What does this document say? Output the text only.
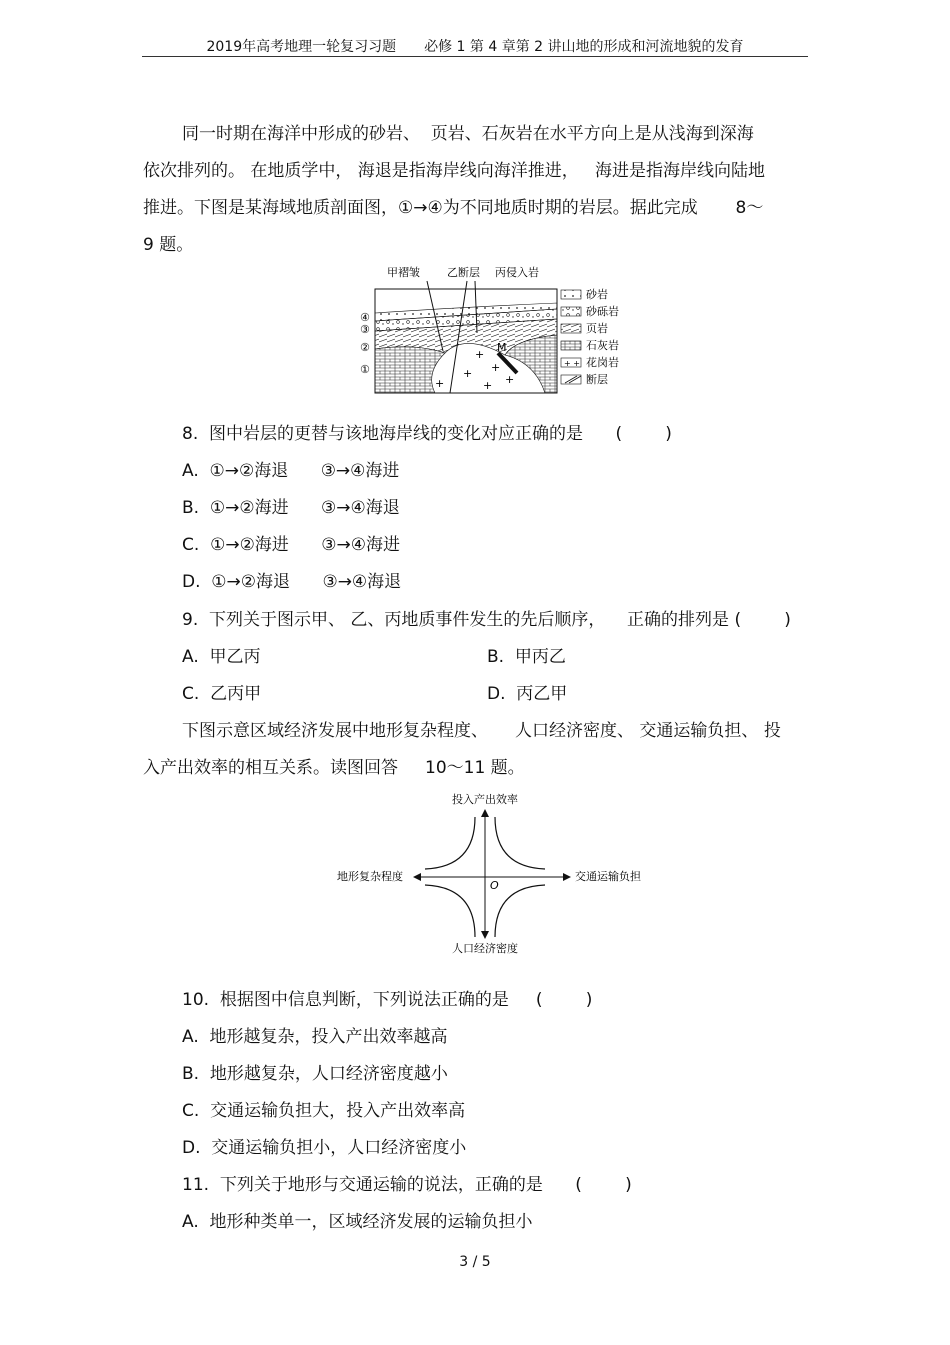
2019年高考地理一轮复习习题　　必修 1 第 4 章第 2 讲山地的形成和河流地貌的发育
同一时期在海洋中形成的砂岩、  页岩、石灰岩在水平方向上是从浅海到深海
依次排列的。 在地质学中， 海退是指海岸线向海洋推进，   海进是指海岸线向陆地
推进。下图是某海域地质剖面图，①→④为不同地质时期的岩层。据此完成       8～
9 题。
甲褶皱 乙断层 丙侵入岩
+
+
+	+
+	+
M
④
③
②
①
砂岩
砂砾岩
页岩
石灰岩
+ + 花岗岩
断层
8.  图中岩层的更替与该地海岸线的变化对应正确的是      (        )
A.  ①→②海退      ③→④海进
B.  ①→②海进      ③→④海退
C.  ①→②海进      ③→④海进
D.  ①→②海退      ③→④海退
9.  下列关于图示甲、 乙、丙地质事件发生的先后顺序，    正确的排列是 (        )
A.  甲乙丙	B.  甲丙乙
C.  乙丙甲	D.  丙乙甲
下图示意区域经济发展中地形复杂程度、     人口经济密度、 交通运输负担、 投
入产出效率的相互关系。读图回答     10～11 题。
投入产出效率
人口经济密度
地形复杂程度	交通运输负担
O
10.  根据图中信息判断，下列说法正确的是     (        )
A.  地形越复杂，投入产出效率越高
B.  地形越复杂，人口经济密度越小
C.  交通运输负担大，投入产出效率高
D.  交通运输负担小，人口经济密度小
11.  下列关于地形与交通运输的说法，正确的是      (        )
A.  地形种类单一，区域经济发展的运输负担小
3 / 5
